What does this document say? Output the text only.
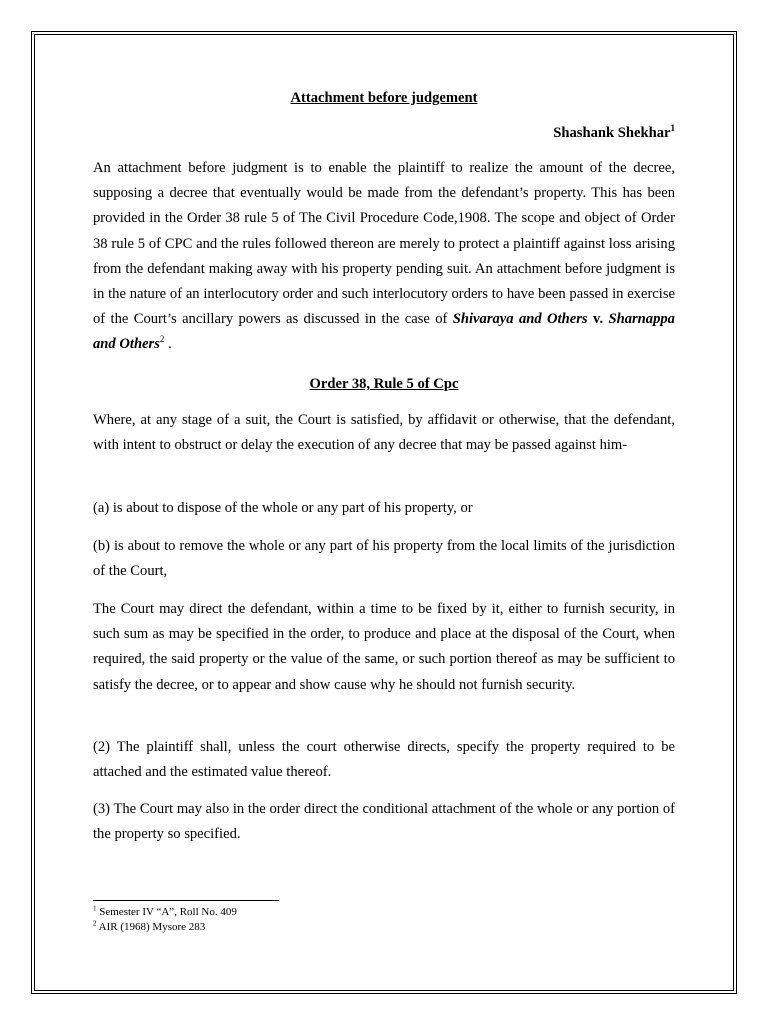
Attachment before judgement

Shashank Shekhar$^1$

An attachment before judgment is to enable the plaintiff to realize the amount of the decree, supposing a decree that eventually would be made from the defendant’s property. This has been provided in the Order 38 rule 5 of The Civil Procedure Code,1908. The scope and object of Order 38 rule 5 of CPC and the rules followed thereon are merely to protect a plaintiff against loss arising from the defendant making away with his property pending suit. An attachment before judgment is in the nature of an interlocutory order and such interlocutory orders to have been passed in exercise of the Court’s ancillary powers as discussed in the case of Shivaraya and Others v. Sharnappa and Others$^2$ .

Order 38, Rule 5 of Cpc

Where, at any stage of a suit, the Court is satisfied, by affidavit or otherwise, that the defendant, with intent to obstruct or delay the execution of any decree that may be passed against him-

(a) is about to dispose of the whole or any part of his property, or

(b) is about to remove the whole or any part of his property from the local limits of the jurisdiction of the Court,

The Court may direct the defendant, within a time to be fixed by it, either to furnish security, in such sum as may be specified in the order, to produce and place at the disposal of the Court, when required, the said property or the value of the same, or such portion thereof as may be sufficient to satisfy the decree, or to appear and show cause why he should not furnish security.

(2) The plaintiff shall, unless the court otherwise directs, specify the property required to be attached and the estimated value thereof.

(3) The Court may also in the order direct the conditional attachment of the whole or any portion of the property so specified.

$^1$ Semester IV “A”, Roll No. 409
$^2$ AIR (1968) Mysore 283
